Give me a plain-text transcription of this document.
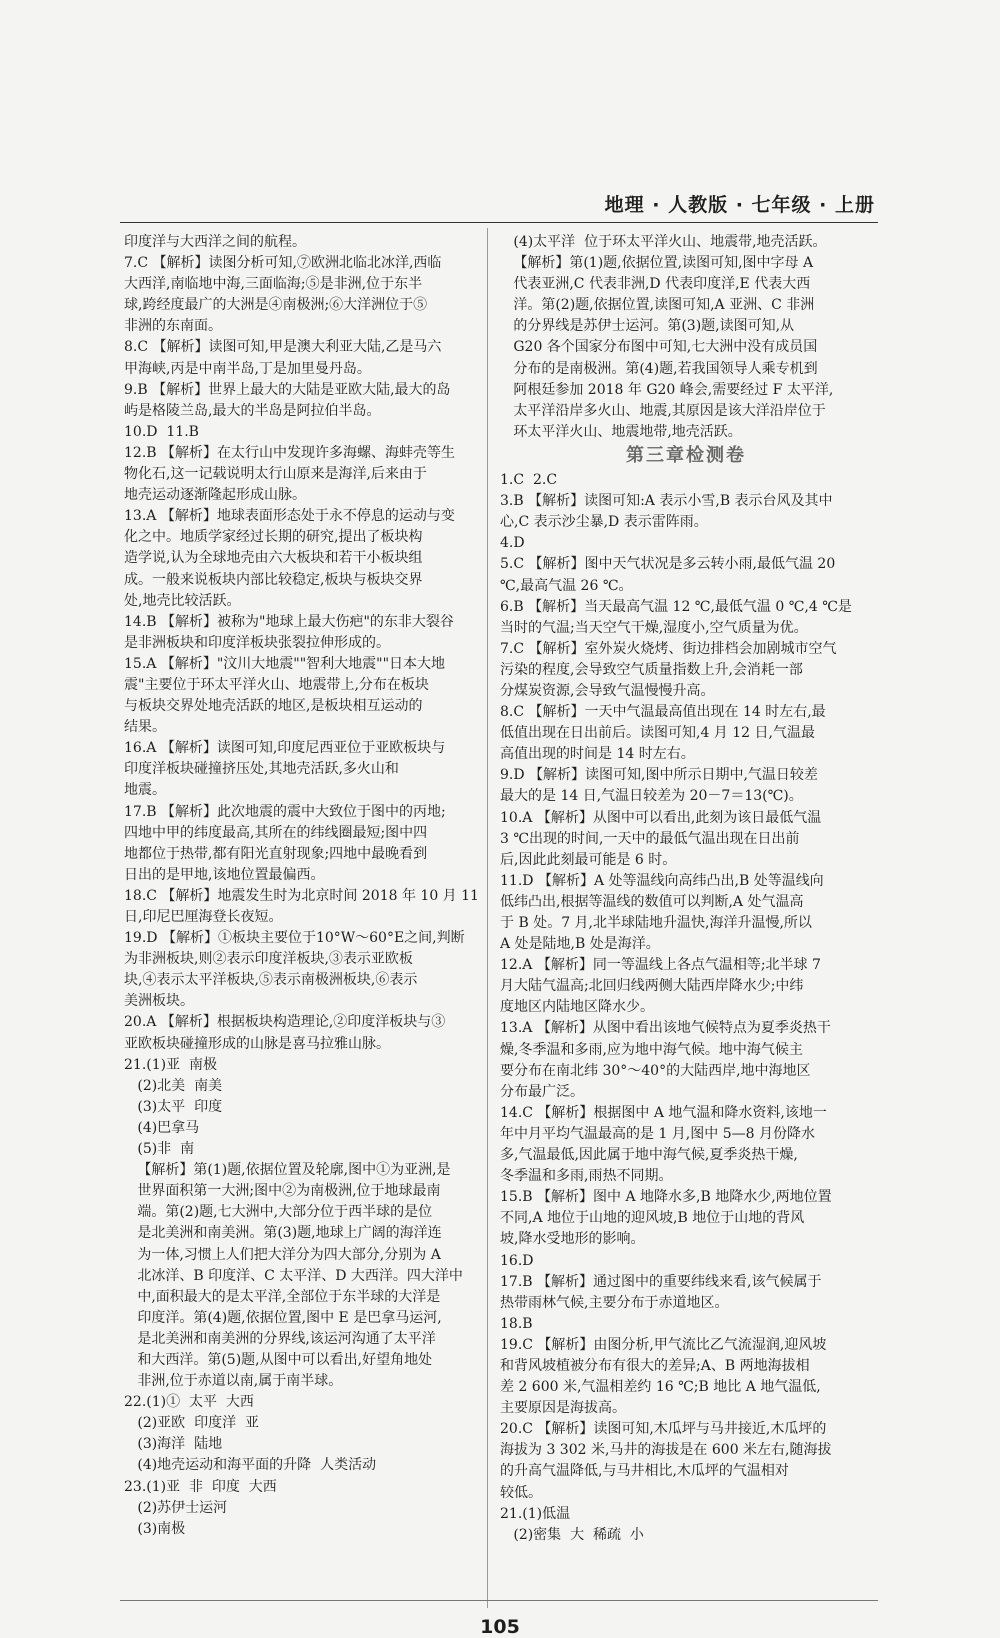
地理 · 人教版 · 七年级 · 上册
印度洋与大西洋之间的航程。
7.C 【解析】读图分析可知,⑦欧洲北临北冰洋,西临
大西洋,南临地中海,三面临海;⑤是非洲,位于东半
球,跨经度最广的大洲是④南极洲;⑥大洋洲位于⑤
非洲的东南面。
8.C 【解析】读图可知,甲是澳大利亚大陆,乙是马六
甲海峡,丙是中南半岛,丁是加里曼丹岛。
9.B 【解析】世界上最大的大陆是亚欧大陆,最大的岛
屿是格陵兰岛,最大的半岛是阿拉伯半岛。
10.D  11.B
12.B 【解析】在太行山中发现许多海螺、海蚌壳等生
物化石,这一记载说明太行山原来是海洋,后来由于
地壳运动逐渐隆起形成山脉。
13.A 【解析】地球表面形态处于永不停息的运动与变
化之中。地质学家经过长期的研究,提出了板块构
造学说,认为全球地壳由六大板块和若干小板块组
成。一般来说板块内部比较稳定,板块与板块交界
处,地壳比较活跃。
14.B 【解析】被称为"地球上最大伤疤"的东非大裂谷
是非洲板块和印度洋板块张裂拉伸形成的。
15.A 【解析】"汶川大地震""智利大地震""日本大地
震"主要位于环太平洋火山、地震带上,分布在板块
与板块交界处地壳活跃的地区,是板块相互运动的
结果。
16.A 【解析】读图可知,印度尼西亚位于亚欧板块与
印度洋板块碰撞挤压处,其地壳活跃,多火山和
地震。
17.B 【解析】此次地震的震中大致位于图中的丙地;
四地中甲的纬度最高,其所在的纬线圈最短;图中四
地都位于热带,都有阳光直射现象;四地中最晚看到
日出的是甲地,该地位置最偏西。
18.C 【解析】地震发生时为北京时间 2018 年 10 月 11
日,印尼巴厘海登长夜短。
19.D 【解析】①板块主要位于10°W～60°E之间,判断
为非洲板块,则②表示印度洋板块,③表示亚欧板
块,④表示太平洋板块,⑤表示南极洲板块,⑥表示
美洲板块。
20.A 【解析】根据板块构造理论,②印度洋板块与③
亚欧板块碰撞形成的山脉是喜马拉雅山脉。
21.(1)亚  南极
(2)北美  南美
(3)太平  印度
(4)巴拿马
(5)非  南
【解析】第(1)题,依据位置及轮廓,图中①为亚洲,是
世界面积第一大洲;图中②为南极洲,位于地球最南
端。第(2)题,七大洲中,大部分位于西半球的是位
是北美洲和南美洲。第(3)题,地球上广阔的海洋连
为一体,习惯上人们把大洋分为四大部分,分别为 A
北冰洋、B 印度洋、C 太平洋、D 大西洋。四大洋中
中,面积最大的是太平洋,全部位于东半球的大洋是
印度洋。第(4)题,依据位置,图中 E 是巴拿马运河,
是北美洲和南美洲的分界线,该运河沟通了太平洋
和大西洋。第(5)题,从图中可以看出,好望角地处
非洲,位于赤道以南,属于南半球。
22.(1)①  太平  大西
(2)亚欧  印度洋  亚
(3)海洋  陆地
(4)地壳运动和海平面的升降  人类活动
23.(1)亚  非  印度  大西
(2)苏伊士运河
(3)南极
(4)太平洋  位于环太平洋火山、地震带,地壳活跃。
【解析】第(1)题,依据位置,读图可知,图中字母 A
代表亚洲,C 代表非洲,D 代表印度洋,E 代表大西
洋。第(2)题,依据位置,读图可知,A 亚洲、C 非洲
的分界线是苏伊士运河。第(3)题,读图可知,从
G20 各个国家分布图中可知,七大洲中没有成员国
分布的是南极洲。第(4)题,若我国领导人乘专机到
阿根廷参加 2018 年 G20 峰会,需要经过 F 太平洋,
太平洋沿岸多火山、地震,其原因是该大洋沿岸位于
环太平洋火山、地震地带,地壳活跃。
第三章检测卷
1.C  2.C
3.B 【解析】读图可知:A 表示小雪,B 表示台风及其中
心,C 表示沙尘暴,D 表示雷阵雨。
4.D
5.C 【解析】图中天气状况是多云转小雨,最低气温 20
℃,最高气温 26 ℃。
6.B 【解析】当天最高气温 12 ℃,最低气温 0 ℃,4 ℃是
当时的气温;当天空气干燥,湿度小,空气质量为优。
7.C 【解析】室外炭火烧烤、街边排档会加剧城市空气
污染的程度,会导致空气质量指数上升,会消耗一部
分煤炭资源,会导致气温慢慢升高。
8.C 【解析】一天中气温最高值出现在 14 时左右,最
低值出现在日出前后。读图可知,4 月 12 日,气温最
高值出现的时间是 14 时左右。
9.D 【解析】读图可知,图中所示日期中,气温日较差
最大的是 14 日,气温日较差为 20－7＝13(℃)。
10.A 【解析】从图中可以看出,此刻为该日最低气温
3 ℃出现的时间,一天中的最低气温出现在日出前
后,因此此刻最可能是 6 时。
11.D 【解析】A 处等温线向高纬凸出,B 处等温线向
低纬凸出,根据等温线的数值可以判断,A 处气温高
于 B 处。7 月,北半球陆地升温快,海洋升温慢,所以
A 处是陆地,B 处是海洋。
12.A 【解析】同一等温线上各点气温相等;北半球 7
月大陆气温高;北回归线两侧大陆西岸降水少;中纬
度地区内陆地区降水少。
13.A 【解析】从图中看出该地气候特点为夏季炎热干
燥,冬季温和多雨,应为地中海气候。地中海气候主
要分布在南北纬 30°～40°的大陆西岸,地中海地区
分布最广泛。
14.C 【解析】根据图中 A 地气温和降水资料,该地一
年中月平均气温最高的是 1 月,图中 5—8 月份降水
多,气温最低,因此属于地中海气候,夏季炎热干燥,
冬季温和多雨,雨热不同期。
15.B 【解析】图中 A 地降水多,B 地降水少,两地位置
不同,A 地位于山地的迎风坡,B 地位于山地的背风
坡,降水受地形的影响。
16.D
17.B 【解析】通过图中的重要纬线来看,该气候属于
热带雨林气候,主要分布于赤道地区。
18.B
19.C 【解析】由图分析,甲气流比乙气流湿润,迎风坡
和背风坡植被分布有很大的差异;A、B 两地海拔相
差 2 600 米,气温相差约 16 ℃;B 地比 A 地气温低,
主要原因是海拔高。
20.C 【解析】读图可知,木瓜坪与马井接近,木瓜坪的
海拔为 3 302 米,马井的海拔是在 600 米左右,随海拔
的升高气温降低,与马井相比,木瓜坪的气温相对
较低。
21.(1)低温
(2)密集  大  稀疏  小
105
